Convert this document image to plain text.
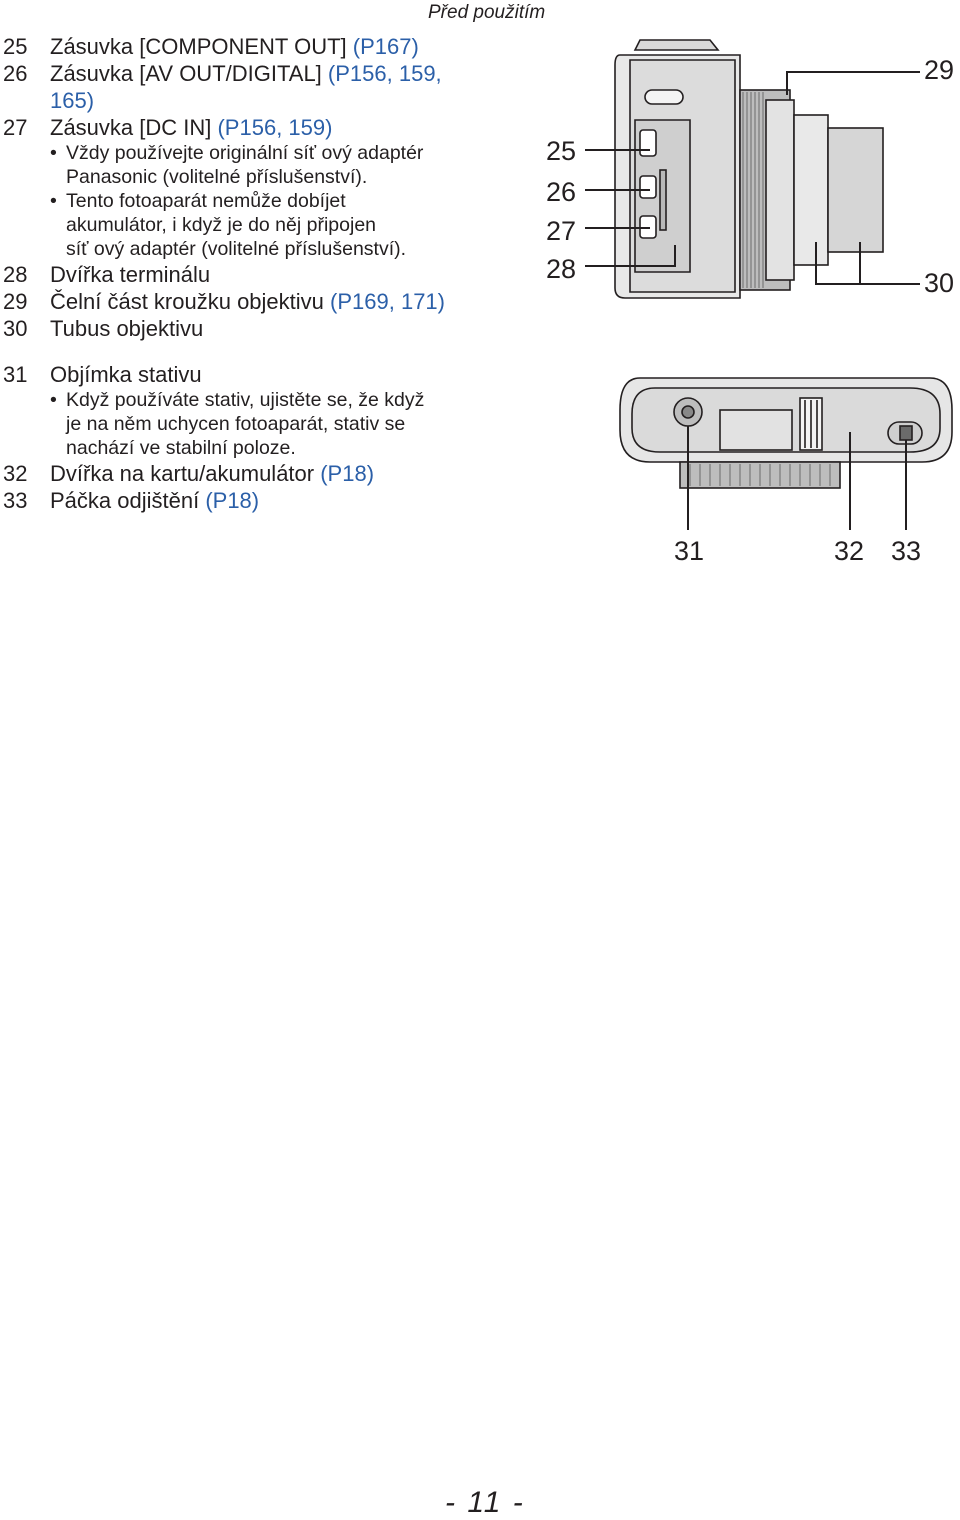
Před použitím
25	Zásuvka [COMPONENT OUT] (P167)
26	Zásuvka [AV OUT/DIGITAL] (P156, 159,
165)
27	Zásuvka [DC IN] (P156, 159)
• Vždy používejte originální síť ový adaptér
Panasonic (volitelné příslušenství).
• Tento fotoaparát nemůže dobíjet
akumulátor, i když je do něj připojen
síť ový adaptér (volitelné příslušenství).
28	Dvířka terminálu
29	Čelní část kroužku objektivu (P169, 171)
30	Tubus objektivu
31	Objímka stativu
• Když používáte stativ, ujistěte se, že když
je na něm uchycen fotoaparát, stativ se
nachází ve stabilní poloze.
32	Dvířka na kartu/akumulátor (P18)
33	Páčka odjištění (P18)
25
26
27
28
29
30
31	32 33
- 11 -
